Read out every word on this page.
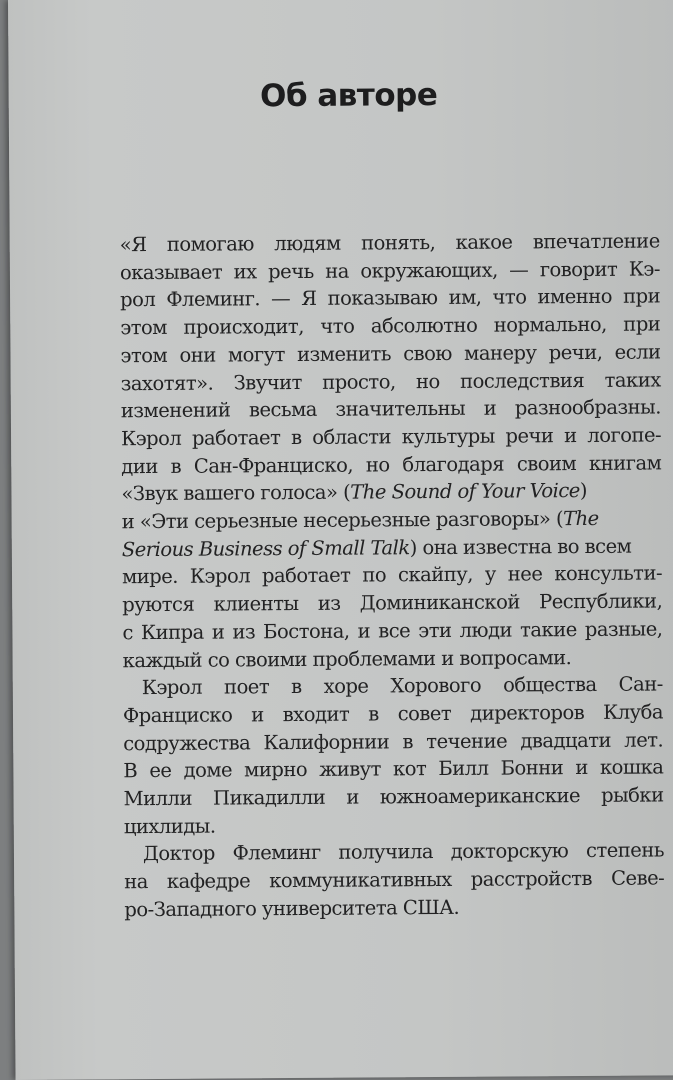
Об авторе
«Я помогаю людям понять, какое впечатление
оказывает их речь на окружающих, — говорит Кэ-
рол Флеминг. — Я показываю им, что именно при
этом происходит, что абсолютно нормально, при
этом они могут изменить свою манеру речи, если
захотят». Звучит просто, но последствия таких
изменений весьма значительны и разнообразны.
Кэрол работает в области культуры речи и логопе-
дии в Сан-Франциско, но благодаря своим книгам
«Звук вашего голоса» (The Sound of Your Voice)
и «Эти серьезные несерьезные разговоры» (The
Serious Business of Small Talk) она известна во всем
мире. Кэрол работает по скайпу, у нее консульти-
руются клиенты из Доминиканской Республики,
с Кипра и из Бостона, и все эти люди такие разные,
каждый со своими проблемами и вопросами.
Кэрол поет в хоре Хорового общества Сан-
Франциско и входит в совет директоров Клуба
содружества Калифорнии в течение двадцати лет.
В ее доме мирно живут кот Билл Бонни и кошка
Милли Пикадилли и южноамериканские рыбки
цихлиды.
Доктор Флеминг получила докторскую степень
на кафедре коммуникативных расстройств Севе-
ро-Западного университета США.
